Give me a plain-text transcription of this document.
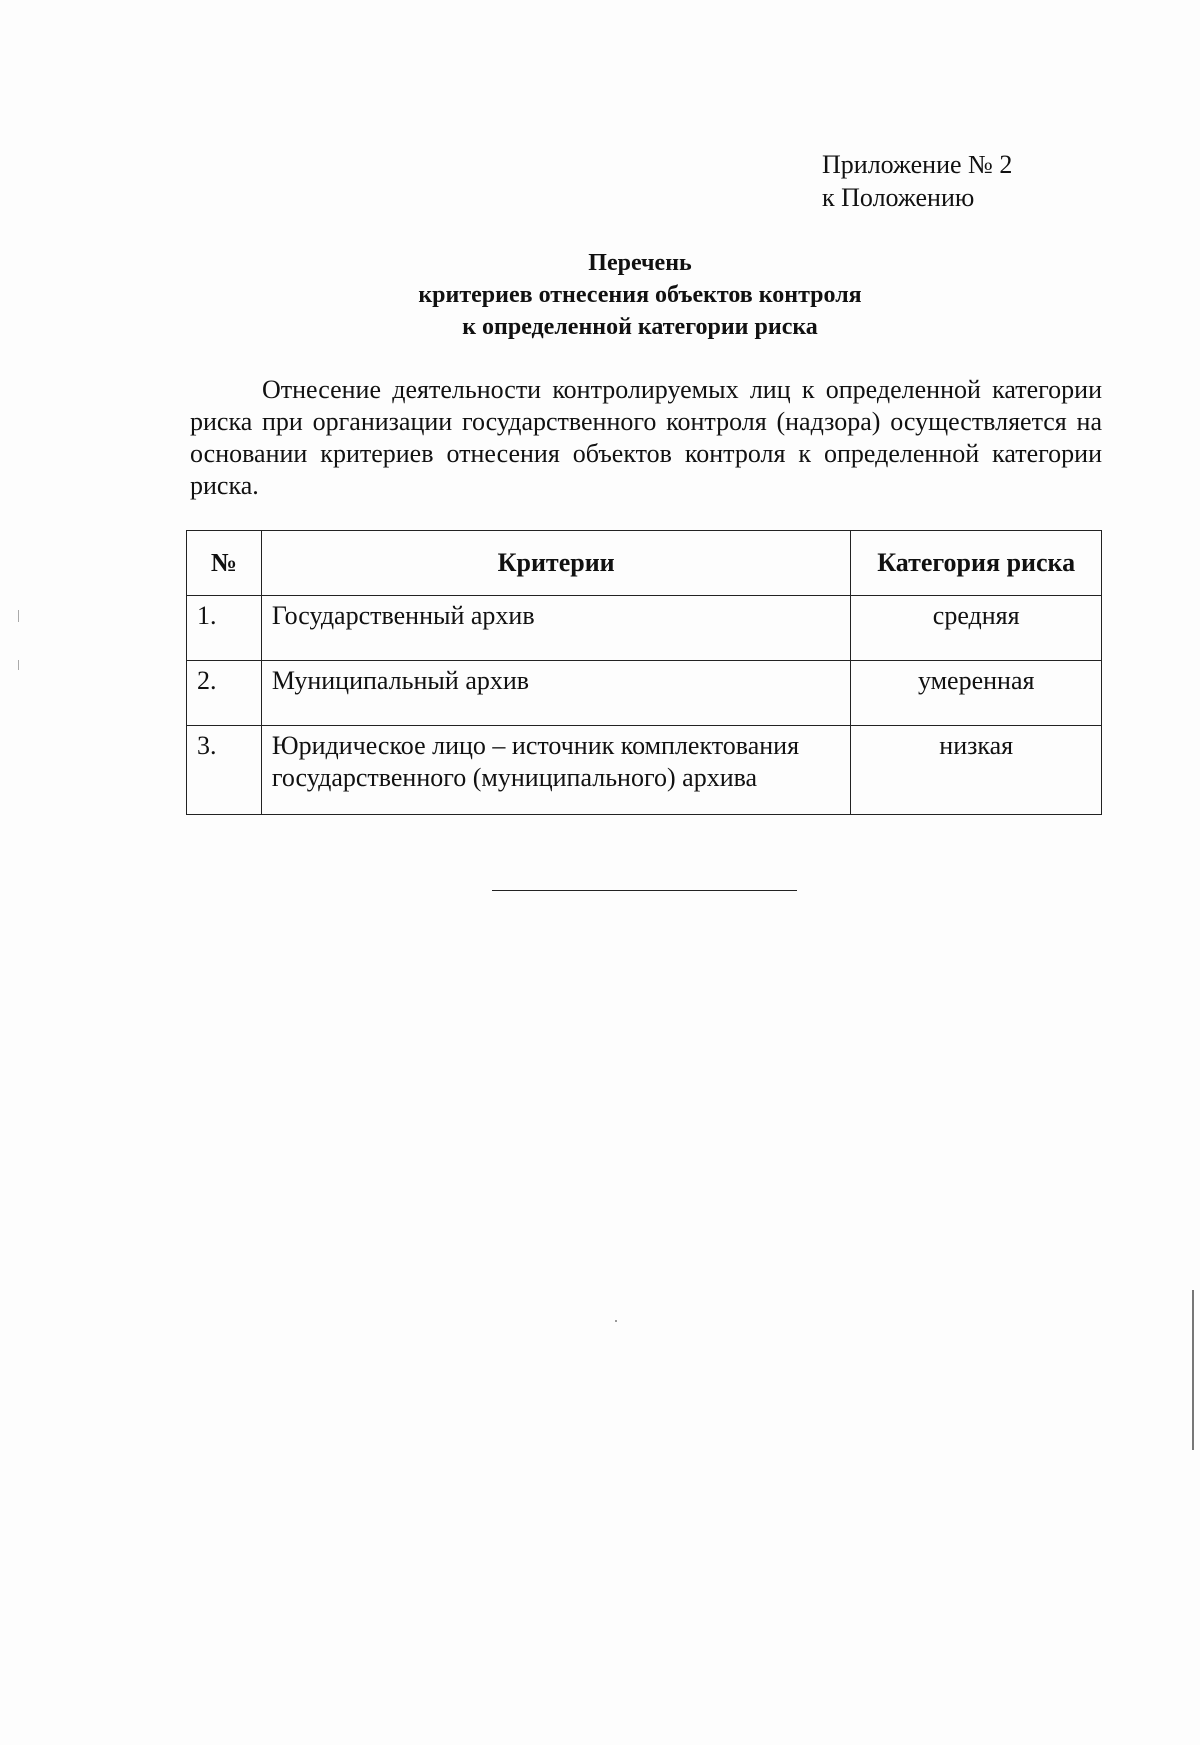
Приложение № 2
к Положению
Перечень
критериев отнесения объектов контроля
к определенной категории риска
Отнесение деятельности контролируемых лиц к определенной категории риска при организации государственного контроля (надзора) осуществляется на основании критериев отнесения объектов контроля к определенной категории риска.
№	Критерии	Категория риска
1.	Государственный архив	средняя
2.	Муниципальный архив	умеренная
3.	Юридическое лицо – источник комплектования государственного (муниципального) архива	низкая
